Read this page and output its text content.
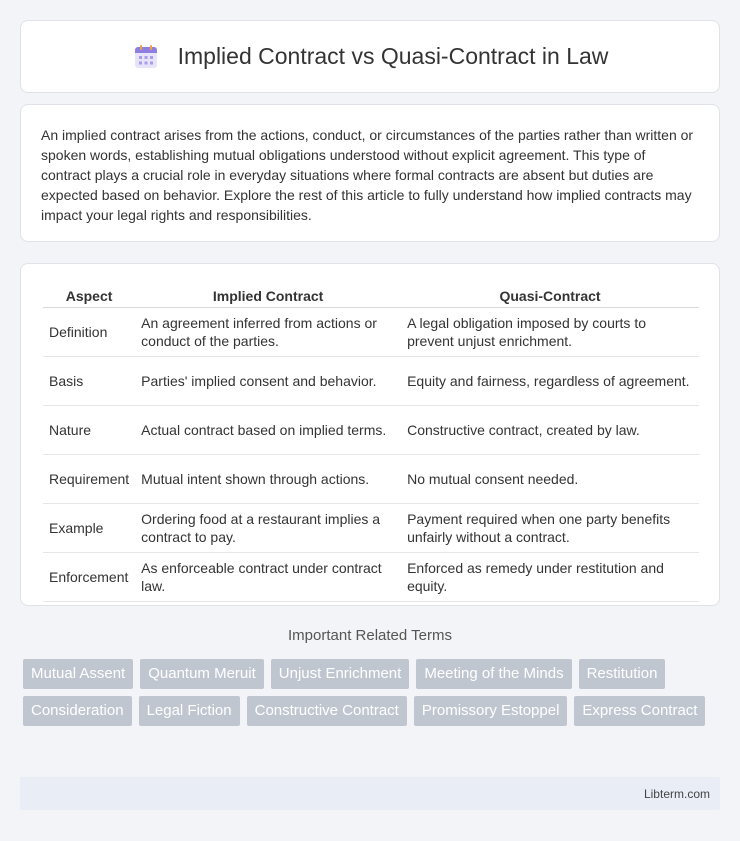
Implied Contract vs Quasi-Contract in Law

An implied contract arises from the actions, conduct, or circumstances of the parties rather than written or spoken words, establishing mutual obligations understood without explicit agreement. This type of contract plays a crucial role in everyday situations where formal contracts are absent but duties are expected based on behavior. Explore the rest of this article to fully understand how implied contracts may impact your legal rights and responsibilities.

Aspect	Implied Contract	Quasi-Contract
Definition	An agreement inferred from actions or conduct of the parties.	A legal obligation imposed by courts to prevent unjust enrichment.
Basis	Parties' implied consent and behavior.	Equity and fairness, regardless of agreement.
Nature	Actual contract based on implied terms.	Constructive contract, created by law.
Requirement	Mutual intent shown through actions.	No mutual consent needed.
Example	Ordering food at a restaurant implies a contract to pay.	Payment required when one party benefits unfairly without a contract.
Enforcement	As enforceable contract under contract law.	Enforced as remedy under restitution and equity.
Important Related Terms
Mutual Assent	Quantum Meruit	Unjust Enrichment	Meeting of the Minds	Restitution
Consideration	Legal Fiction	Constructive Contract	Promissory Estoppel	Express Contract
Libterm.com
